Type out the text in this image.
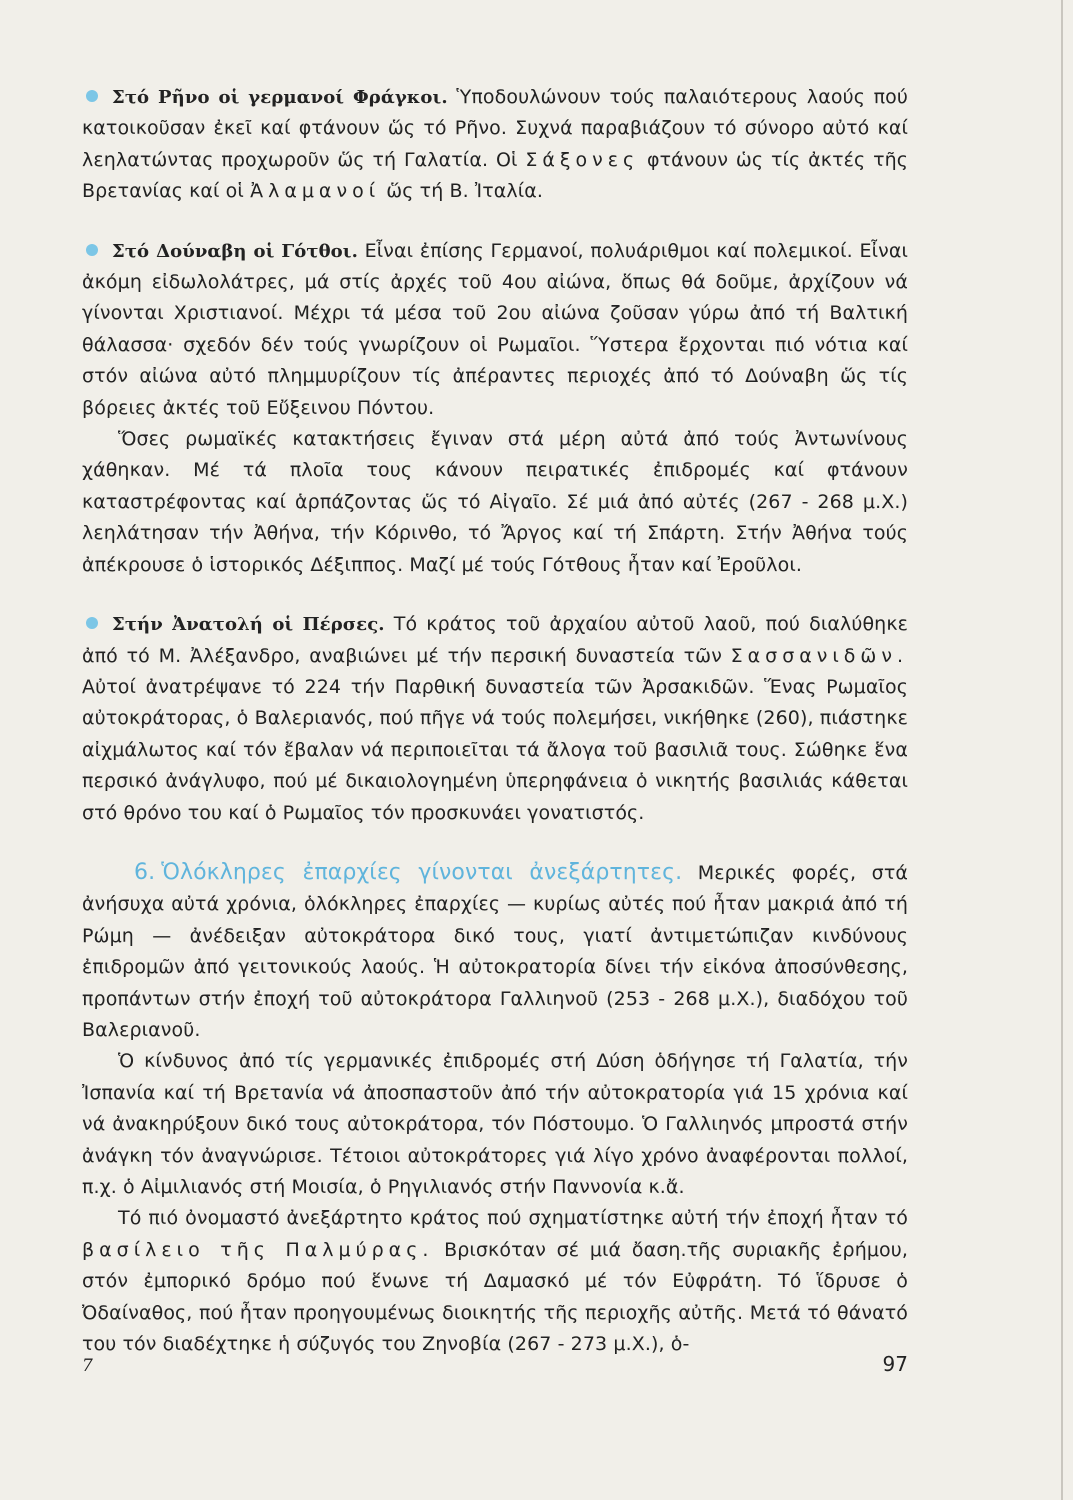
Στό Ρῆνο οἱ γερμανοί Φράγκοι. Ὑποδουλώνουν τούς παλαιότερους λαούς πού κατοικοῦσαν ἐκεῖ καί φτάνουν ὥς τό Ρῆνο. Συχνά παραβιάζουν τό σύνορο αὐτό καί λεηλατώντας προχωροῦν ὥς τή Γαλατία. Οἱ Σάξονες φτάνουν ὡς τίς ἀκτές τῆς Βρετανίας καί οἱ Ἀλαμανοί ὥς τή Β. Ἰταλία.

Στό Δούναβη οἱ Γότθοι. Εἶναι ἐπίσης Γερμανοί, πολυάριθμοι καί πολεμικοί. Εἶναι ἀκόμη εἰδωλολάτρες, μά στίς ἀρχές τοῦ 4ου αἰώνα, ὅπως θά δοῦμε, ἀρχίζουν νά γίνονται Χριστιανοί. Μέχρι τά μέσα τοῦ 2ου αἰώνα ζοῦσαν γύρω ἀπό τή Βαλτική θάλασσα· σχεδόν δέν τούς γνωρίζουν οἱ Ρωμαῖοι. Ὕστερα ἔρχονται πιό νότια καί στόν αἰώνα αὐτό πλημμυρίζουν τίς ἀπέραντες περιοχές ἀπό τό Δούναβη ὥς τίς βόρειες ἀκτές τοῦ Εὔξεινου Πόντου.

Ὅσες ρωμαϊκές κατακτήσεις ἔγιναν στά μέρη αὐτά ἀπό τούς Ἀντωνίνους χάθηκαν. Μέ τά πλοῖα τους κάνουν πειρατικές ἐπιδρομές καί φτάνουν καταστρέφοντας καί ἁρπάζοντας ὥς τό Αἰγαῖο. Σέ μιά ἀπό αὐτές (267 - 268 μ.Χ.) λεηλάτησαν τήν Ἀθήνα, τήν Κόρινθο, τό Ἄργος καί τή Σπάρτη. Στήν Ἀθήνα τούς ἀπέκρουσε ὁ ἱστορικός Δέξιππος. Μαζί μέ τούς Γότθους ἦταν καί Ἐροῦλοι.

Στήν Ἀνατολή οἱ Πέρσες. Τό κράτος τοῦ ἀρχαίου αὐτοῦ λαοῦ, πού διαλύθηκε ἀπό τό Μ. Ἀλέξανδρο, αναβιώνει μέ τήν περσική δυναστεία τῶν Σασσανιδῶν. Αὐτοί ἀνατρέψανε τό 224 τήν Παρθική δυναστεία τῶν Ἀρσακιδῶν. Ἕνας Ρωμαῖος αὐτοκράτορας, ὁ Βαλεριανός, πού πῆγε νά τούς πολεμήσει, νικήθηκε (260), πιάστηκε αἰχμάλωτος καί τόν ἔβαλαν νά περιποιεῖται τά ἄλογα τοῦ βασιλιᾶ τους. Σώθηκε ἕνα περσικό ἀνάγλυφο, πού μέ δικαιολογημένη ὑπερηφάνεια ὁ νικητής βασιλιάς κάθεται στό θρόνο του καί ὁ Ρωμαῖος τόν προσκυνάει γονατιστός.

6. Ὁλόκληρες ἐπαρχίες γίνονται ἀνεξάρτητες. Μερικές φορές, στά ἀνήσυχα αὐτά χρόνια, ὁλόκληρες ἐπαρχίες — κυρίως αὐτές πού ἦταν μακριά ἀπό τή Ρώμη — ἀνέδειξαν αὐτοκράτορα δικό τους, γιατί ἀντιμετώπιζαν κινδύνους ἐπιδρομῶν ἀπό γειτονικούς λαούς. Ἡ αὐτοκρατορία δίνει τήν εἰκόνα ἀποσύνθεσης, προπάντων στήν ἐποχή τοῦ αὐτοκράτορα Γαλλιηνοῦ (253 - 268 μ.Χ.), διαδόχου τοῦ Βαλεριανοῦ.

Ὁ κίνδυνος ἀπό τίς γερμανικές ἐπιδρομές στή Δύση ὁδήγησε τή Γαλατία, τήν Ἰσπανία καί τή Βρετανία νά ἀποσπαστοῦν ἀπό τήν αὐτοκρατορία γιά 15 χρόνια καί νά ἀνακηρύξουν δικό τους αὐτοκράτορα, τόν Πόστουμο. Ὁ Γαλλιηνός μπροστά στήν ἀνάγκη τόν ἀναγνώρισε. Τέτοιοι αὐτοκράτορες γιά λίγο χρόνο ἀναφέρονται πολλοί, π.χ. ὁ Αἰμιλιανός στή Μοισία, ὁ Ρηγιλιανός στήν Παννονία κ.ἄ.

Τό πιό ὀνομαστό ἀνεξάρτητο κράτος πού σχηματίστηκε αὐτή τήν ἐποχή ἦταν τό βασίλειο τῆς Παλμύρας. Βρισκόταν σέ μιά ὄαση.τῆς συριακῆς ἐρήμου, στόν ἐμπορικό δρόμο πού ἕνωνε τή Δαμασκό μέ τόν Εὐφράτη. Τό ἵδρυσε ὁ Ὀδαίναθος, πού ἦταν προηγουμένως διοικητής τῆς περιοχῆς αὐτῆς. Μετά τό θάνατό του τόν διαδέχτηκε ἡ σύζυγός του Ζηνοβία (267 - 273 μ.Χ.), ὁ-

7	97
